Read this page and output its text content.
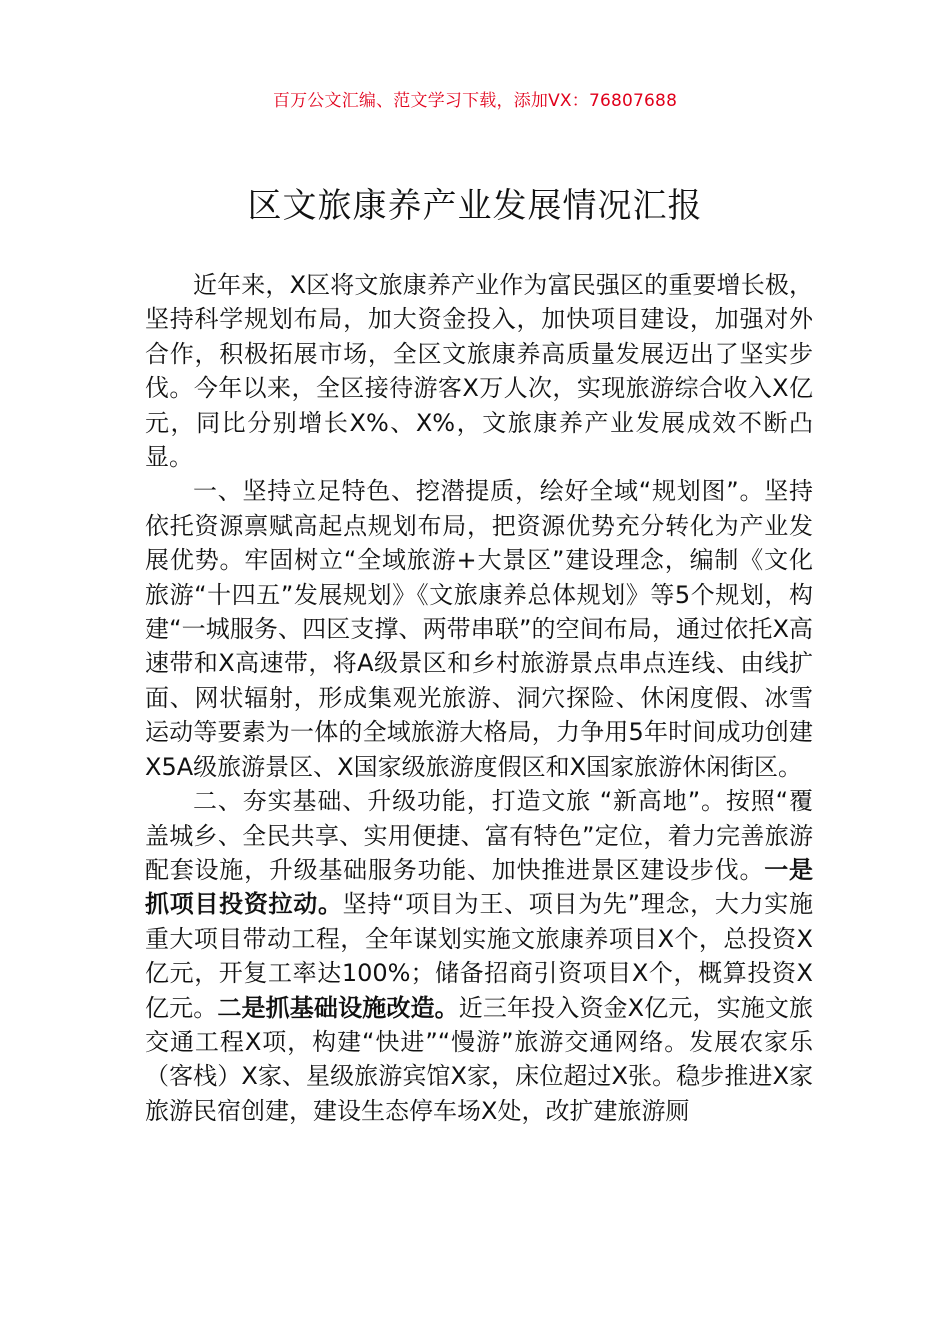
百万公文汇编、范文学习下载，添加VX：76807688
区文旅康养产业发展情况汇报

近年来，X区将文旅康养产业作为富民强区的重要增长极，坚持科学规划布局，加大资金投入，加快项目建设，加强对外合作，积极拓展市场，全区文旅康养高质量发展迈出了坚实步伐。今年以来，全区接待游客X万人次，实现旅游综合收入X亿元，同比分别增长X%、X%，文旅康养产业发展成效不断凸显。

一、坚持立足特色、挖潜提质，绘好全域“规划图”。坚持依托资源禀赋高起点规划布局，把资源优势充分转化为产业发展优势。牢固树立“全域旅游+大景区”建设理念，编制《文化旅游“十四五”发展规划》《文旅康养总体规划》等5个规划，构建“一城服务、四区支撑、两带串联”的空间布局，通过依托X高速带和X高速带，将A级景区和乡村旅游景点串点连线、由线扩面、网状辐射，形成集观光旅游、洞穴探险、休闲度假、冰雪运动等要素为一体的全域旅游大格局，力争用5年时间成功创建X5A级旅游景区、X国家级旅游度假区和X国家旅游休闲街区。

二、夯实基础、升级功能，打造文旅 “新高地”。按照“覆盖城乡、全民共享、实用便捷、富有特色”定位，着力完善旅游配套设施，升级基础服务功能、加快推进景区建设步伐。一是抓项目投资拉动。坚持“项目为王、项目为先”理念，大力实施重大项目带动工程，全年谋划实施文旅康养项目X个，总投资X亿元，开复工率达100%；储备招商引资项目X个，概算投资X亿元。二是抓基础设施改造。近三年投入资金X亿元，实施文旅交通工程X项，构建“快进”“慢游”旅游交通网络。发展农家乐（客栈）X家、星级旅游宾馆X家，床位超过X张。稳步推进X家旅游民宿创建，建设生态停车场X处，改扩建旅游厕
